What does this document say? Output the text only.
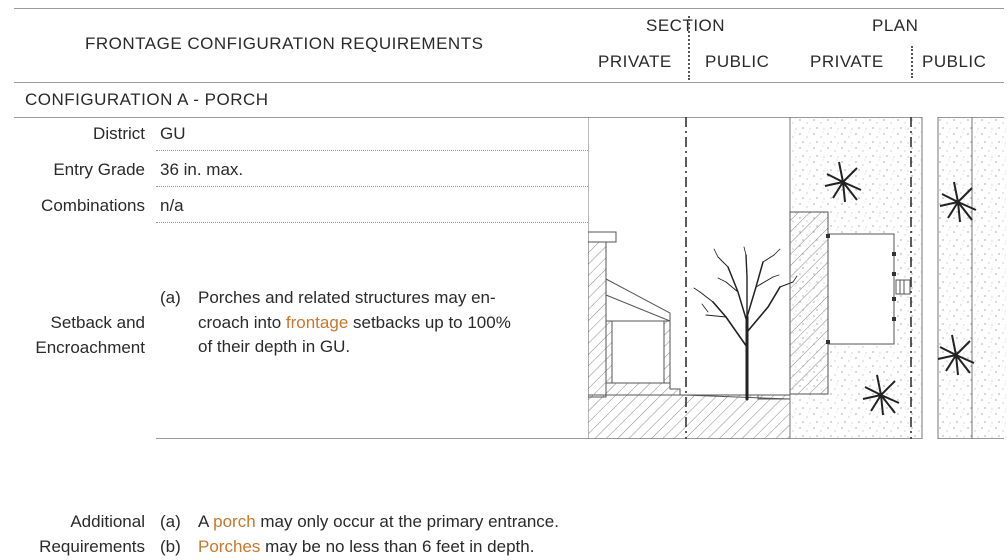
FRONTAGE CONFIGURATION REQUIREMENTS
SECTION	PLAN
PRIVATE PUBLIC PRIVATE PUBLIC
CONFIGURATION A - PORCH
District GU
Entry Grade 36 in. max.
Combinations n/a
Setback and
Encroachment
(a)	Porches and related structures may en-
croach into frontage setbacks up to 100%
of their depth in GU.
Additional
Requirements
(a)	A porch may only occur at the primary entrance.
(b)	Porches may be no less than 6 feet in depth.
